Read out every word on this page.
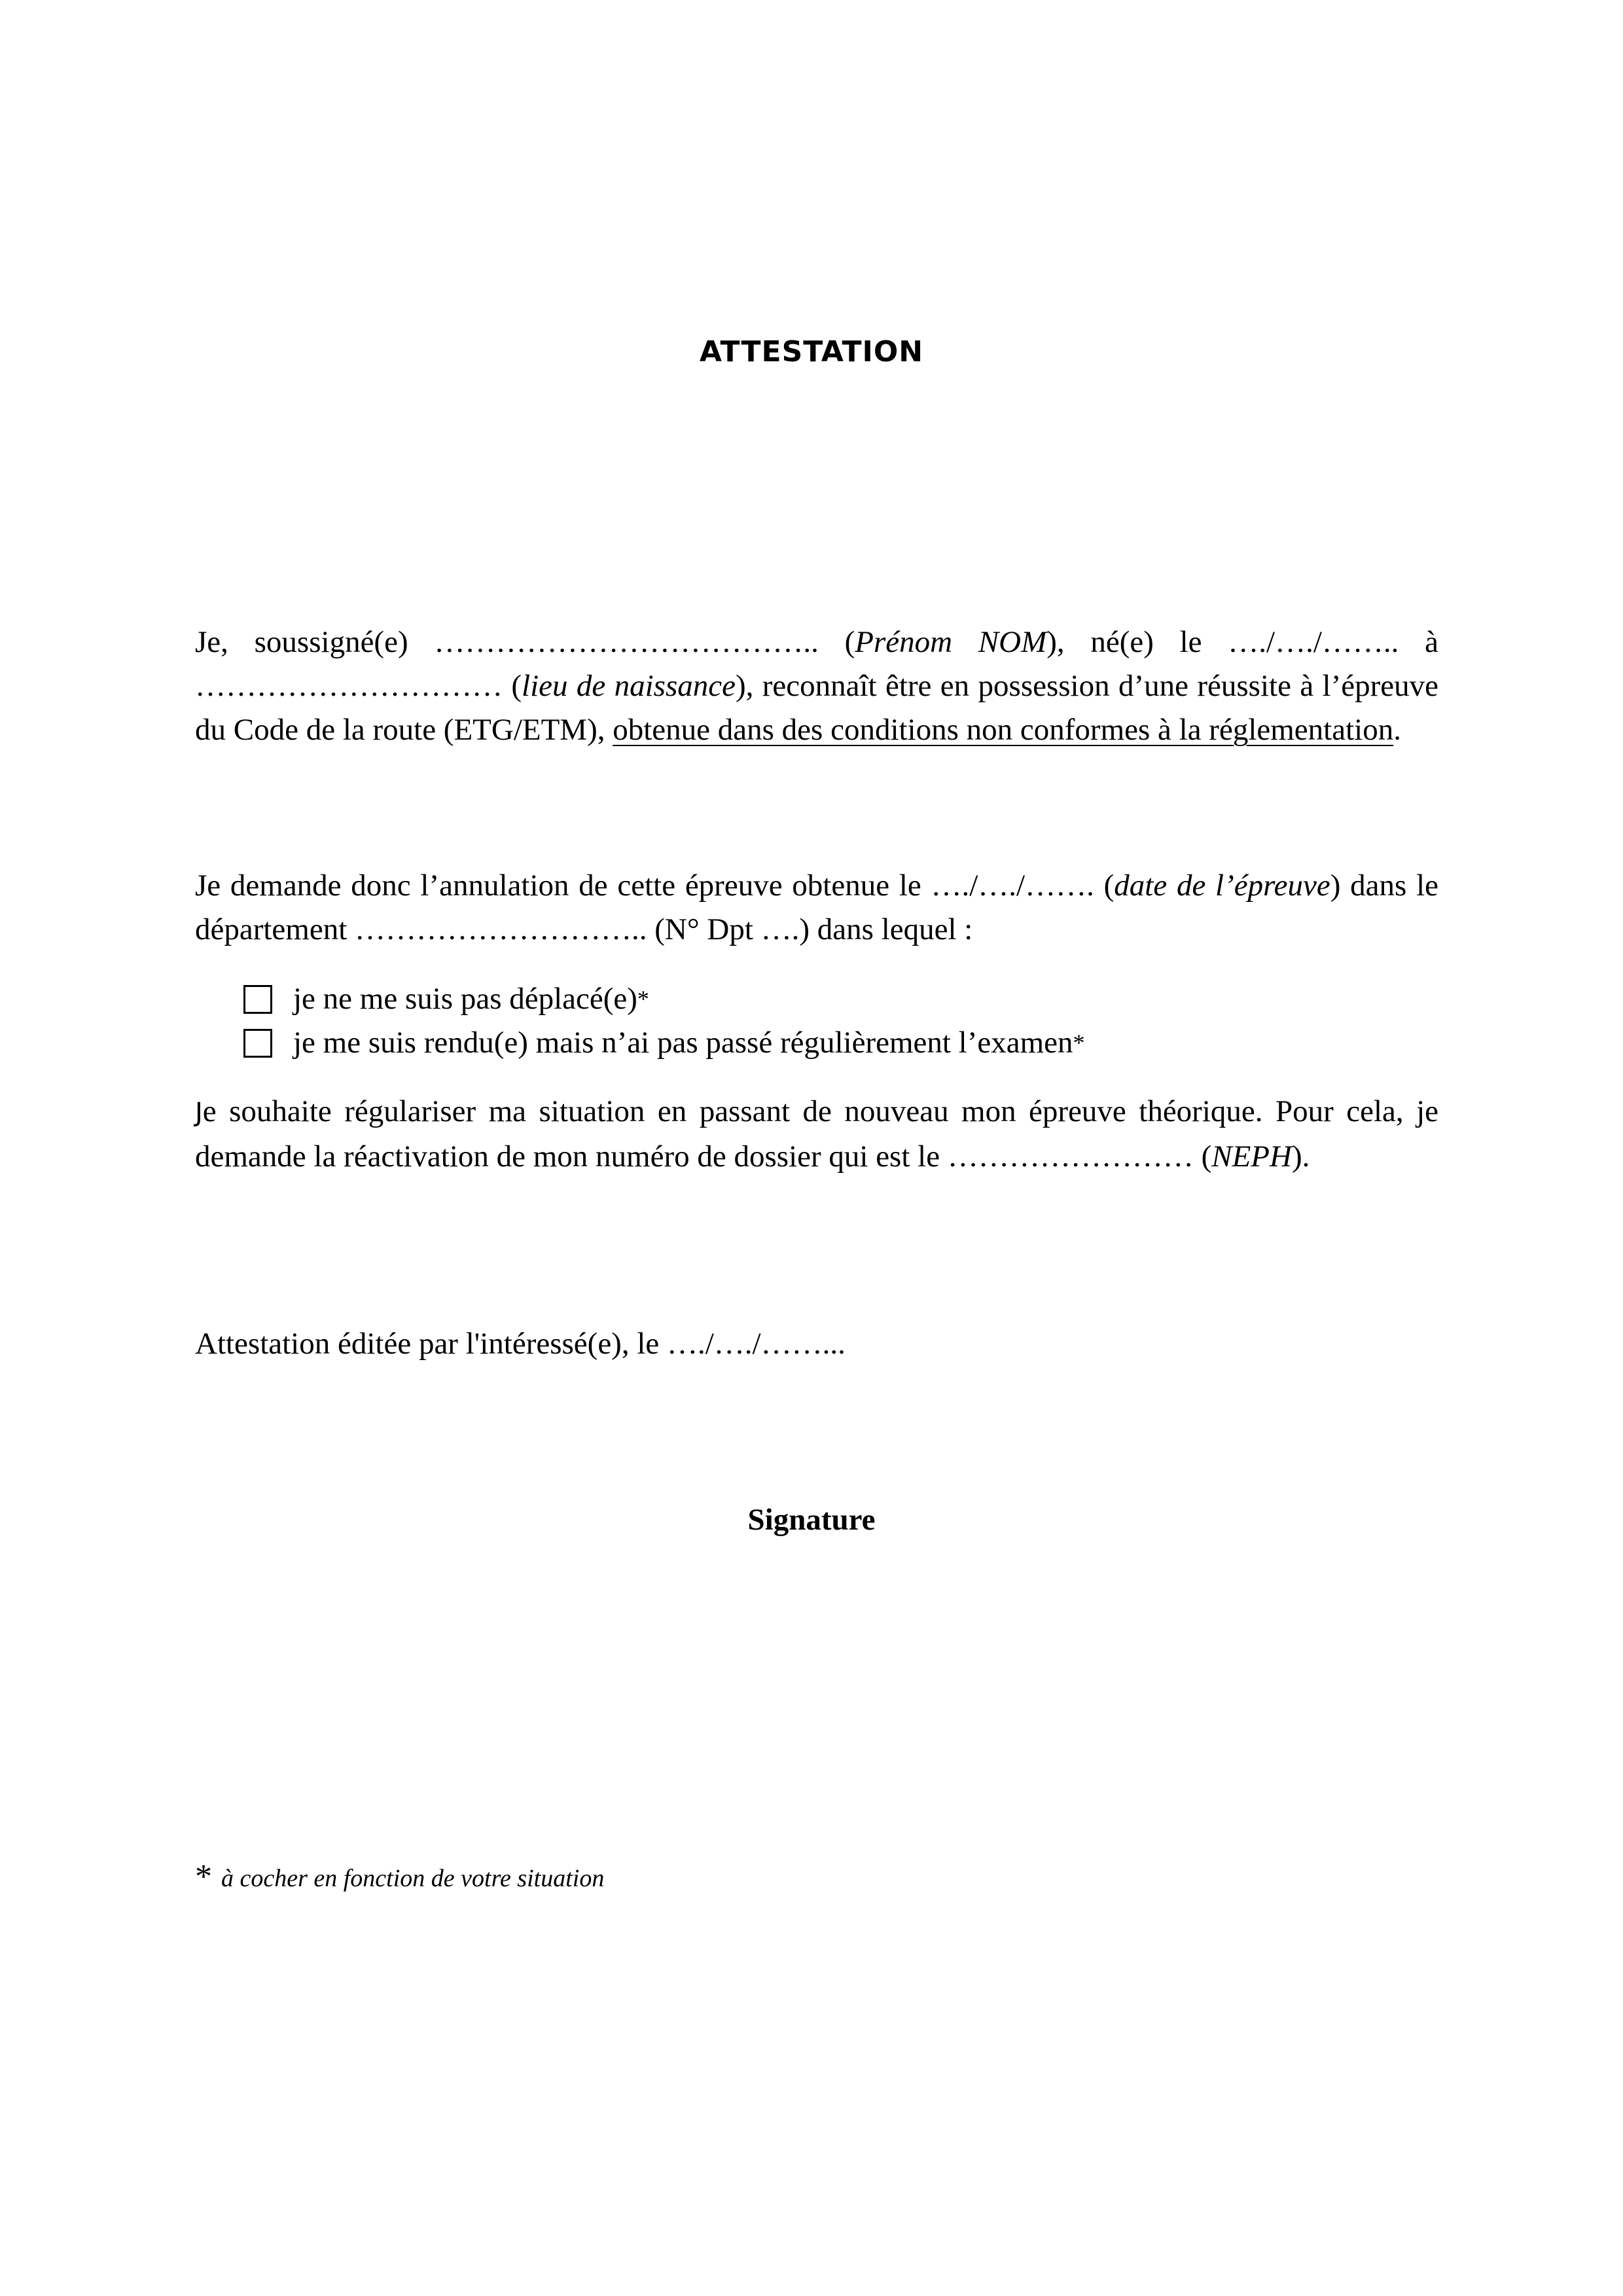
ATTESTATION
Je, soussigné(e) ……………………………….. (Prénom NOM), né(e) le …./…./…….. à ………………………… (lieu de naissance), reconnaît être en possession d’une réussite à l’épreuve du Code de la route (ETG/ETM), obtenue dans des conditions non conformes à la réglementation.
Je demande donc l’annulation de cette épreuve obtenue le …./…./……. (date de l’épreuve) dans le département ……………………….. (N° Dpt ….) dans lequel :
je ne me suis pas déplacé(e) *
je me suis rendu(e) mais n’ai pas passé régulièrement l’examen *
Je souhaite régulariser ma situation en passant de nouveau mon épreuve théorique. Pour cela, je demande la réactivation de mon numéro de dossier qui est le …………………… (NEPH).
Attestation éditée par l'intéressé(e), le …./…./……...
Signature
* à cocher en fonction de votre situation
